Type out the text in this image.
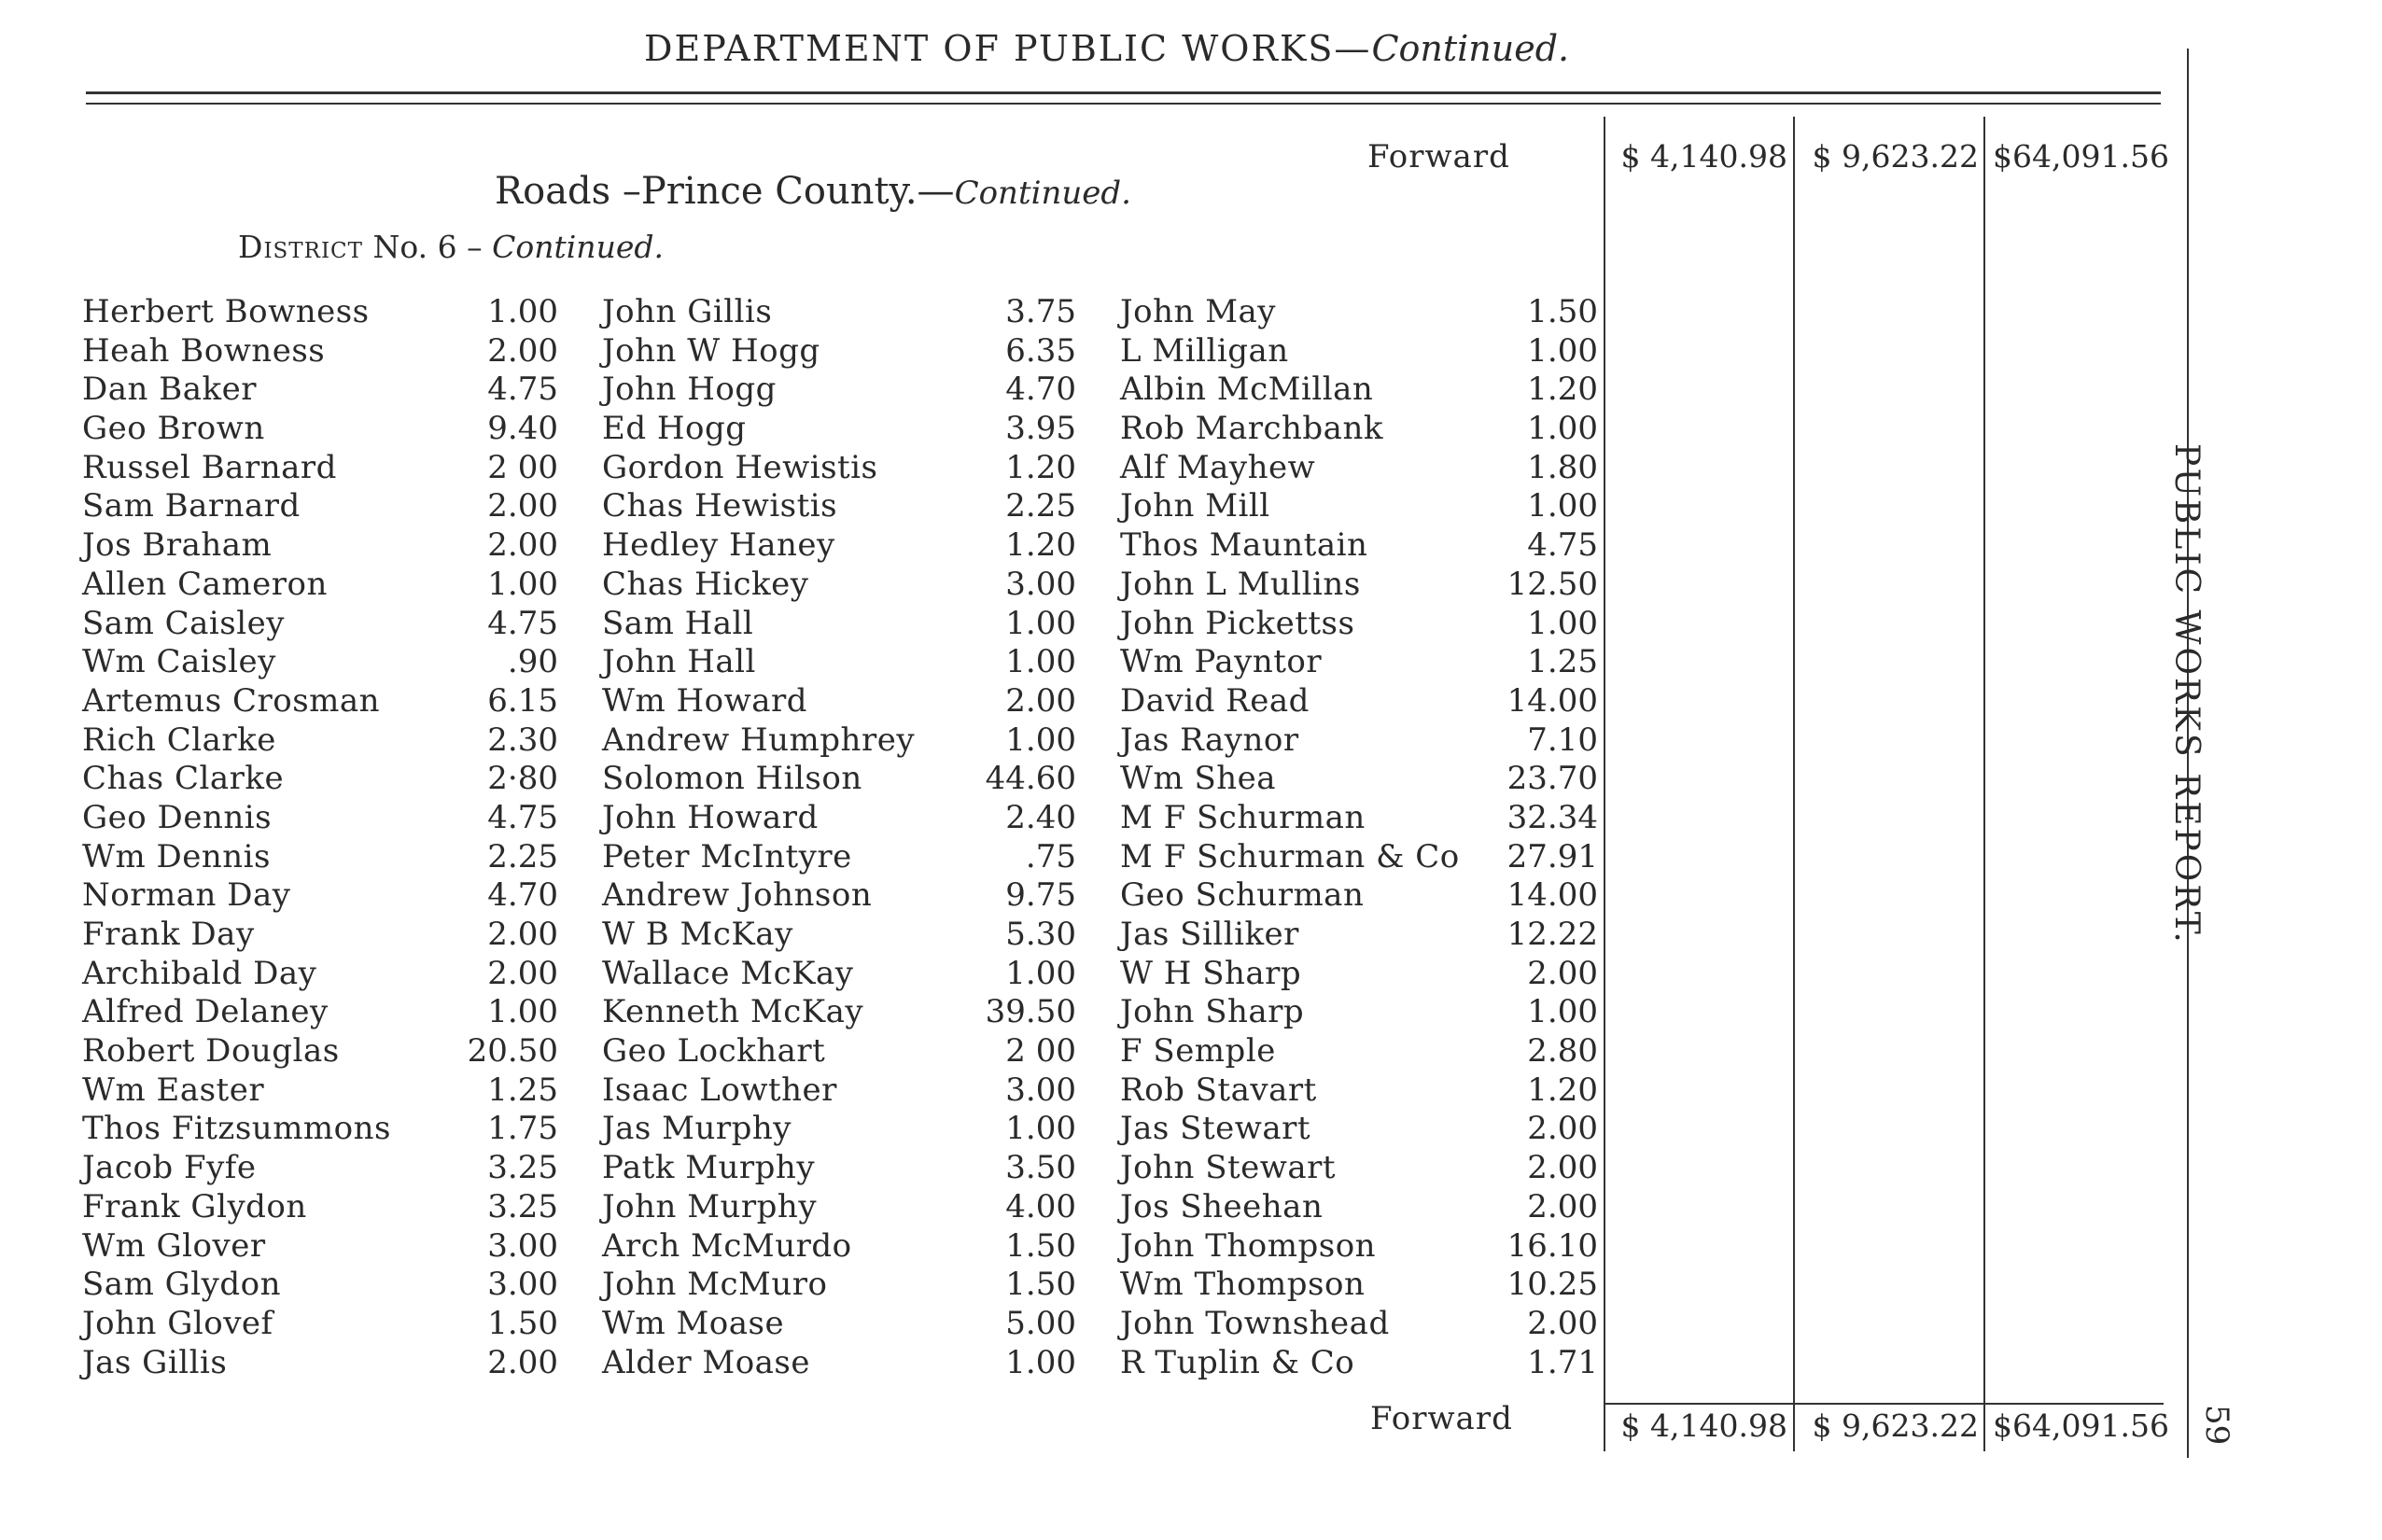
DEPARTMENT OF PUBLIC WORKS—Continued.
Forward	$ 4,140.98 $ 9,623.22 $64,091.56
Roads –Prince County.—Continued.
District No. 6 – Continued.
Herbert Bowness	1.00
Heah Bowness	2.00
Dan Baker	4.75
Geo Brown	9.40
Russel Barnard	2 00
Sam Barnard	2.00
Jos Braham	2.00
Allen Cameron	1.00
Sam Caisley	4.75
Wm Caisley	.90
Artemus Crosman	6.15
Rich Clarke	2.30
Chas Clarke	2·80
Geo Dennis	4.75
Wm Dennis	2.25
Norman Day	4.70
Frank Day	2.00
Archibald Day	2.00
Alfred Delaney	1.00
Robert Douglas	20.50
Wm Easter	1.25
Thos Fitzsummons	1.75
Jacob Fyfe	3.25
Frank Glydon	3.25
Wm Glover	3.00
Sam Glydon	3.00
John Glovef	1.50
Jas Gillis	2.00
John Gillis	3.75
John W Hogg	6.35
John Hogg	4.70
Ed Hogg	3.95
Gordon Hewistis	1.20
Chas Hewistis	2.25
Hedley Haney	1.20
Chas Hickey	3.00
Sam Hall	1.00
John Hall	1.00
Wm Howard	2.00
Andrew Humphrey	1.00
Solomon Hilson	44.60
John Howard	2.40
Peter McIntyre	.75
Andrew Johnson	9.75
W B McKay	5.30
Wallace McKay	1.00
Kenneth McKay	39.50
Geo Lockhart	2 00
Isaac Lowther	3.00
Jas Murphy	1.00
Patk Murphy	3.50
John Murphy	4.00
Arch McMurdo	1.50
John McMuro	1.50
Wm Moase	5.00
Alder Moase	1.00
John May	1.50
L Milligan	1.00
Albin McMillan	1.20
Rob Marchbank	1.00
Alf Mayhew	1.80
John Mill	1.00
Thos Mauntain	4.75
John L Mullins	12.50
John Pickettss	1.00
Wm Payntor	1.25
David Read	14.00
Jas Raynor	7.10
Wm Shea	23.70
M F Schurman	32.34
M F Schurman & Co 27.91
Geo Schurman	14.00
Jas Silliker	12.22
W H Sharp	2.00
John Sharp	1.00
F Semple	2.80
Rob Stavart	1.20
Jas Stewart	2.00
John Stewart	2.00
Jos Sheehan	2.00
John Thompson	16.10
Wm Thompson	10.25
John Townshead	2.00
R Tuplin & Co	1.71
Forward	$ 4,140.98 $ 9,623.22 $64,091.56
PUBLIC WORKS REPORT.
59
